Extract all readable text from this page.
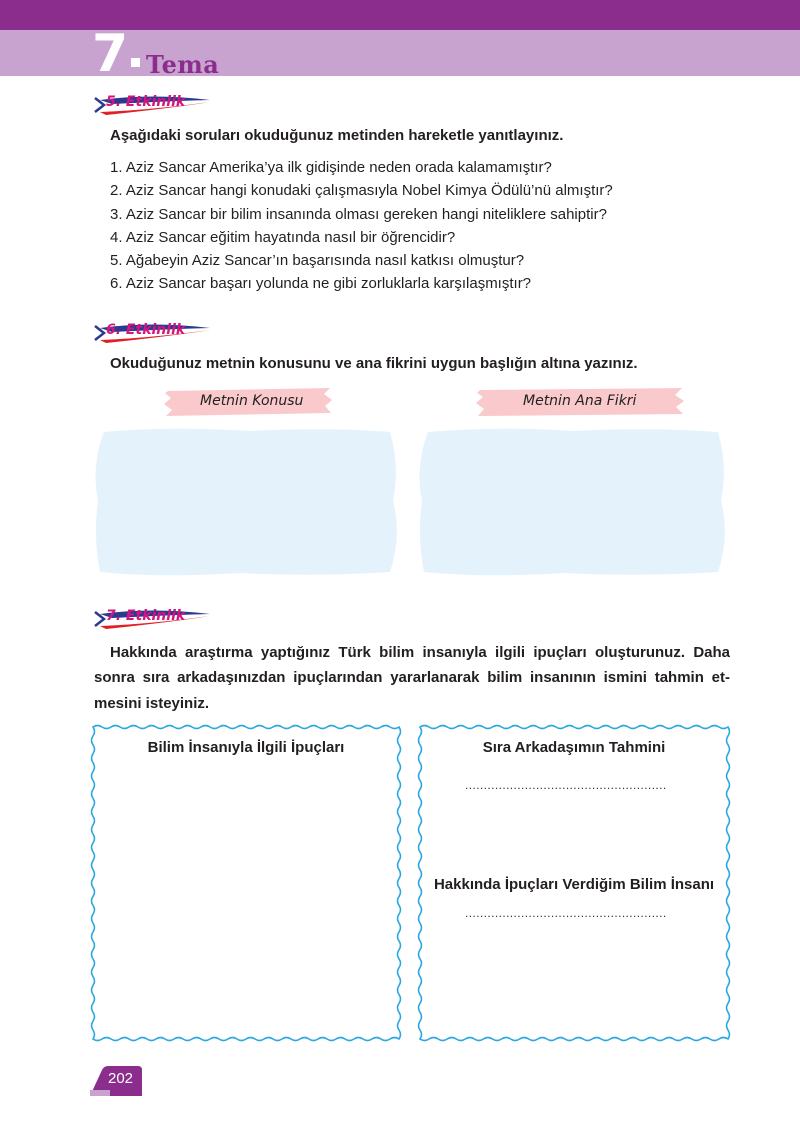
7 Tema
5. Etkinlik
Aşağıdaki soruları okuduğunuz metinden hareketle yanıtlayınız.
1. Aziz Sancar Amerika’ya ilk gidişinde neden orada kalamamıştır?
2. Aziz Sancar hangi konudaki çalışmasıyla Nobel Kimya Ödülü’nü almıştır?
3. Aziz Sancar bir bilim insanında olması gereken hangi niteliklere sahiptir?
4. Aziz Sancar eğitim hayatında nasıl bir öğrencidir?
5. Ağabeyin Aziz Sancar’ın başarısında nasıl katkısı olmuştur?
6. Aziz Sancar başarı yolunda ne gibi zorluklarla karşılaşmıştır?
6. Etkinlik
Okuduğunuz metnin konusunu ve ana fikrini uygun başlığın altına yazınız.
Metnin Konusu	Metnin Ana Fikri
7. Etkinlik
Hakkında araştırma yaptığınız Türk bilim insanıyla ilgili ipuçları oluşturunuz. Daha
sonra sıra arkadaşınızdan ipuçlarından yararlanarak bilim insanının ismini tahmin et-
mesini isteyiniz.
Bilim İnsanıyla İlgili İpuçları	Sıra Arkadaşımın Tahmini
......................................................
Hakkında İpuçları Verdiğim Bilim İnsanı
......................................................
202
